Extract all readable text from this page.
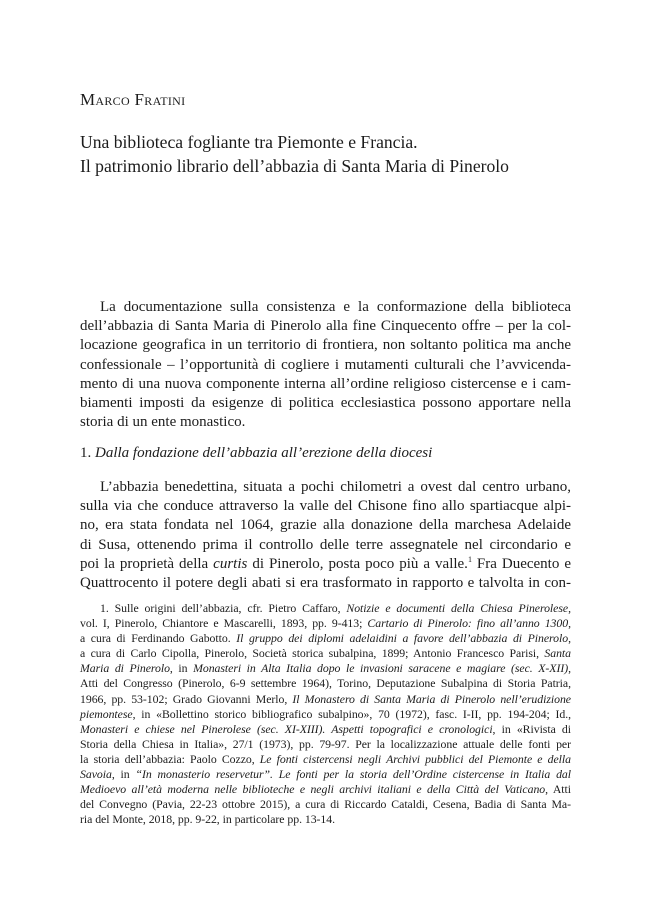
Marco Fratini
Una biblioteca fogliante tra Piemonte e Francia.
Il patrimonio librario dell’abbazia di Santa Maria di Pinerolo
La documentazione sulla consistenza e la conformazione della biblioteca
dell’abbazia di Santa Maria di Pinerolo alla fine Cinquecento offre – per la col-
locazione geografica in un territorio di frontiera, non soltanto politica ma anche
confessionale – l’opportunità di cogliere i mutamenti culturali che l’avvicenda-
mento di una nuova componente interna all’ordine religioso cistercense e i cam-
biamenti imposti da esigenze di politica ecclesiastica possono apportare nella
storia di un ente monastico.
1. Dalla fondazione dell’abbazia all’erezione della diocesi
L’abbazia benedettina, situata a pochi chilometri a ovest dal centro urbano,
sulla via che conduce attraverso la valle del Chisone fino allo spartiacque alpi-
no, era stata fondata nel 1064, grazie alla donazione della marchesa Adelaide
di Susa, ottenendo prima il controllo delle terre assegnatele nel circondario e
poi la proprietà della curtis di Pinerolo, posta poco più a valle.$^1$ Fra Duecento e
Quattrocento il potere degli abati si era trasformato in rapporto e talvolta in con-
1. Sulle origini dell’abbazia, cfr. Pietro Caffaro, Notizie e documenti della Chiesa Pinerolese,
vol. I, Pinerolo, Chiantore e Mascarelli, 1893, pp. 9-413; Cartario di Pinerolo: fino all’anno 1300,
a cura di Ferdinando Gabotto. Il gruppo dei diplomi adelaidini a favore dell’abbazia di Pinerolo,
a cura di Carlo Cipolla, Pinerolo, Società storica subalpina, 1899; Antonio Francesco Parisi, Santa
Maria di Pinerolo, in Monasteri in Alta Italia dopo le invasioni saracene e magiare (sec. X-XII),
Atti del Congresso (Pinerolo, 6-9 settembre 1964), Torino, Deputazione Subalpina di Storia Patria,
1966, pp. 53-102; Grado Giovanni Merlo, Il Monastero di Santa Maria di Pinerolo nell’erudizione
piemontese, in «Bollettino storico bibliografico subalpino», 70 (1972), fasc. I-II, pp. 194-204; Id.,
Monasteri e chiese nel Pinerolese (sec. XI-XIII). Aspetti topografici e cronologici, in «Rivista di
Storia della Chiesa in Italia», 27/1 (1973), pp. 79-97. Per la localizzazione attuale delle fonti per
la storia dell’abbazia: Paolo Cozzo, Le fonti cistercensi negli Archivi pubblici del Piemonte e della
Savoia, in “In monasterio reservetur”. Le fonti per la storia dell’Ordine cistercense in Italia dal
Medioevo all’età moderna nelle biblioteche e negli archivi italiani e della Città del Vaticano, Atti
del Convegno (Pavia, 22-23 ottobre 2015), a cura di Riccardo Cataldi, Cesena, Badia di Santa Ma-
ria del Monte, 2018, pp. 9-22, in particolare pp. 13-14.
